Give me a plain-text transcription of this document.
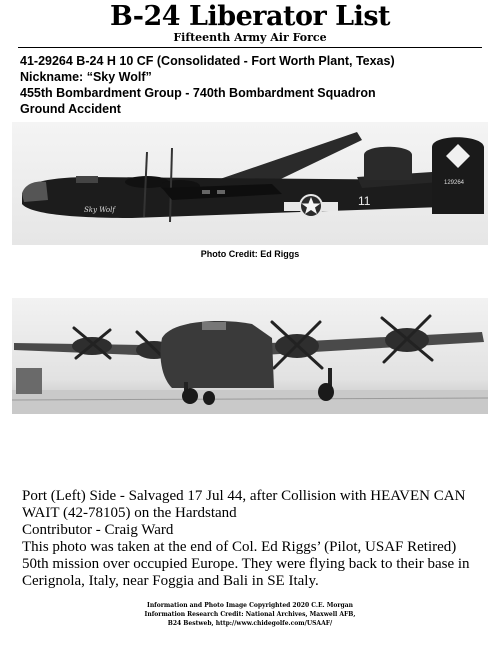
B-24 Liberator List
Fifteenth Army Air Force
41-29264 B-24 H 10 CF (Consolidated - Fort Worth Plant, Texas)
Nickname: “Sky Wolf”
455th Bombardment Group - 740th Bombardment Squadron
Ground Accident
129264
11
Sky Wolf
Photo Credit: Ed Riggs
Port (Left) Side - Salvaged 17 Jul 44, after Collision with HEAVEN CAN WAIT (42-78105) on the Hardstand
Contributor - Craig Ward
This photo was taken at the end of Col. Ed Riggs’ (Pilot, USAF Retired) 50th mission over occupied Europe. They were flying back to their base in Cerignola, Italy, near Foggia and Bali in SE Italy.
Information and Photo Image Copyrighted 2020 C.E. Morgan
Information Research Credit: National Archives, Maxwell AFB,
B24 Bestweb, http://www.chidegolfe.com/USAAF/
